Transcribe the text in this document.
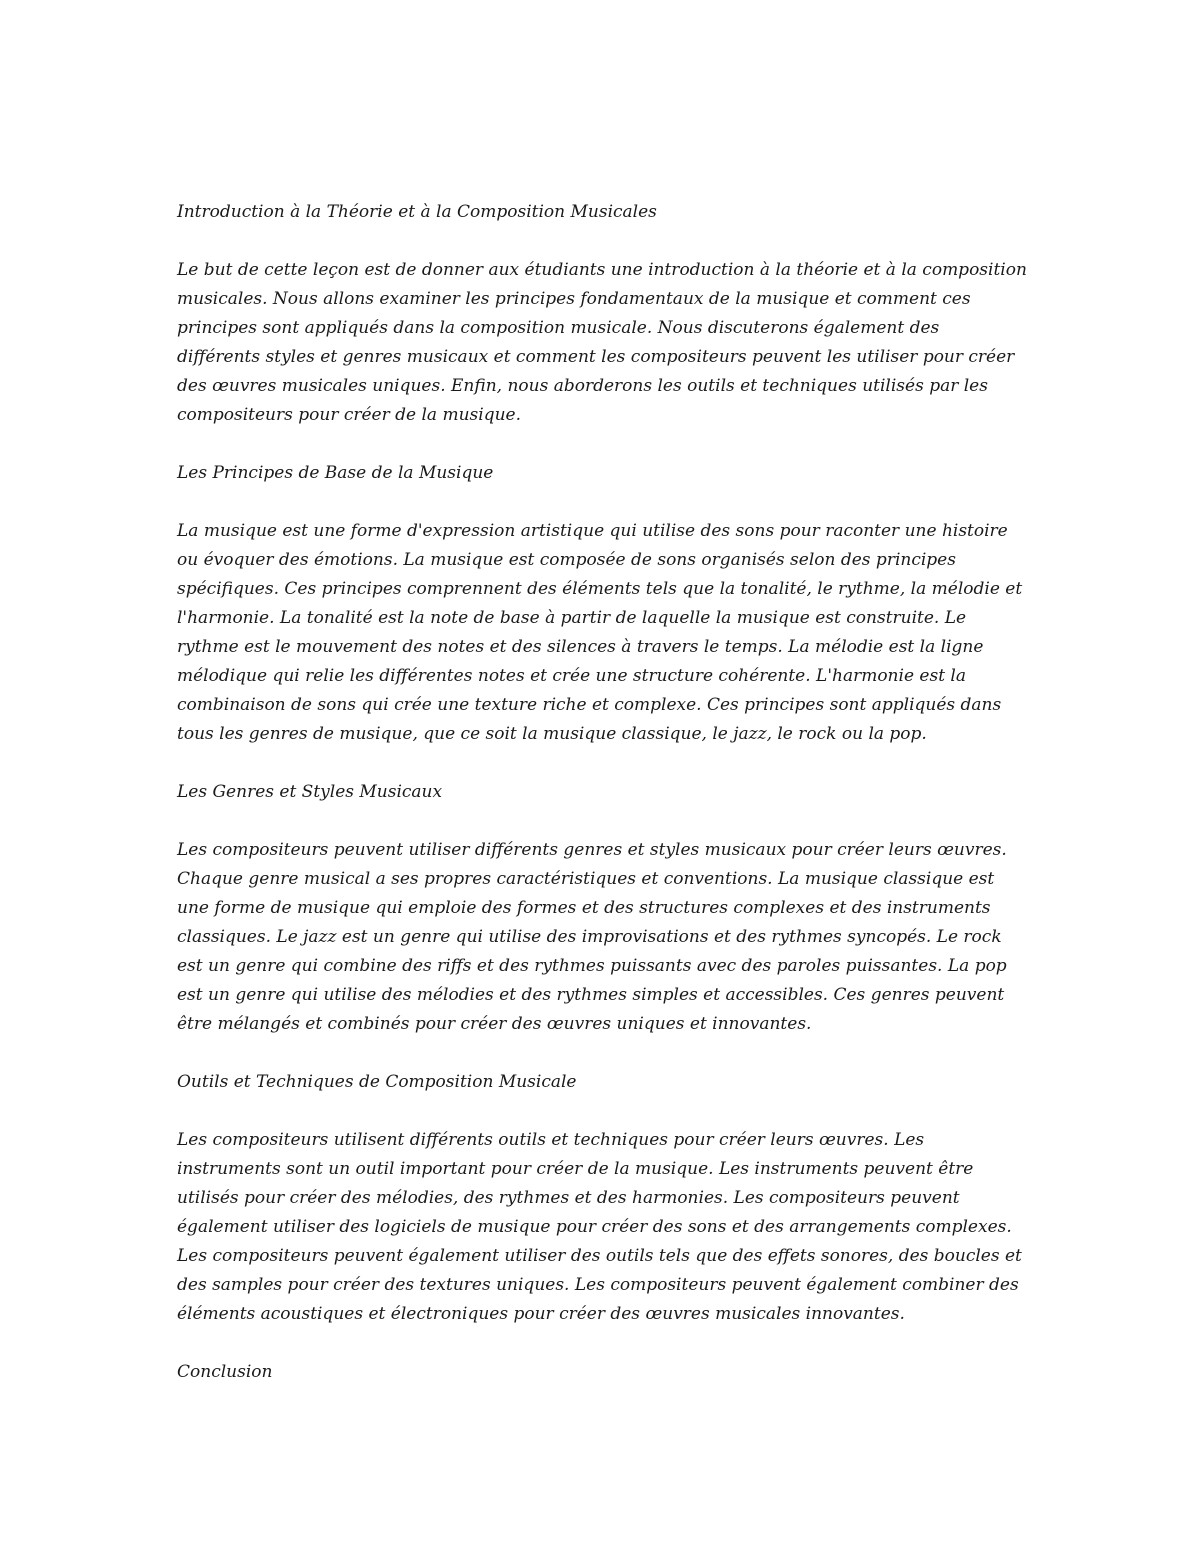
Introduction à la Théorie et à la Composition Musicales

Le but de cette leçon est de donner aux étudiants une introduction à la théorie et à la composition musicales. Nous allons examiner les principes fondamentaux de la musique et comment ces principes sont appliqués dans la composition musicale. Nous discuterons également des différents styles et genres musicaux et comment les compositeurs peuvent les utiliser pour créer des œuvres musicales uniques. Enfin, nous aborderons les outils et techniques utilisés par les compositeurs pour créer de la musique.

Les Principes de Base de la Musique

La musique est une forme d'expression artistique qui utilise des sons pour raconter une histoire ou évoquer des émotions. La musique est composée de sons organisés selon des principes spécifiques. Ces principes comprennent des éléments tels que la tonalité, le rythme, la mélodie et l'harmonie. La tonalité est la note de base à partir de laquelle la musique est construite. Le rythme est le mouvement des notes et des silences à travers le temps. La mélodie est la ligne mélodique qui relie les différentes notes et crée une structure cohérente. L'harmonie est la combinaison de sons qui crée une texture riche et complexe. Ces principes sont appliqués dans tous les genres de musique, que ce soit la musique classique, le jazz, le rock ou la pop.

Les Genres et Styles Musicaux

Les compositeurs peuvent utiliser différents genres et styles musicaux pour créer leurs œuvres. Chaque genre musical a ses propres caractéristiques et conventions. La musique classique est une forme de musique qui emploie des formes et des structures complexes et des instruments classiques. Le jazz est un genre qui utilise des improvisations et des rythmes syncopés. Le rock est un genre qui combine des riffs et des rythmes puissants avec des paroles puissantes. La pop est un genre qui utilise des mélodies et des rythmes simples et accessibles. Ces genres peuvent être mélangés et combinés pour créer des œuvres uniques et innovantes.

Outils et Techniques de Composition Musicale

Les compositeurs utilisent différents outils et techniques pour créer leurs œuvres. Les instruments sont un outil important pour créer de la musique. Les instruments peuvent être utilisés pour créer des mélodies, des rythmes et des harmonies. Les compositeurs peuvent également utiliser des logiciels de musique pour créer des sons et des arrangements complexes. Les compositeurs peuvent également utiliser des outils tels que des effets sonores, des boucles et des samples pour créer des textures uniques. Les compositeurs peuvent également combiner des éléments acoustiques et électroniques pour créer des œuvres musicales innovantes.

Conclusion
